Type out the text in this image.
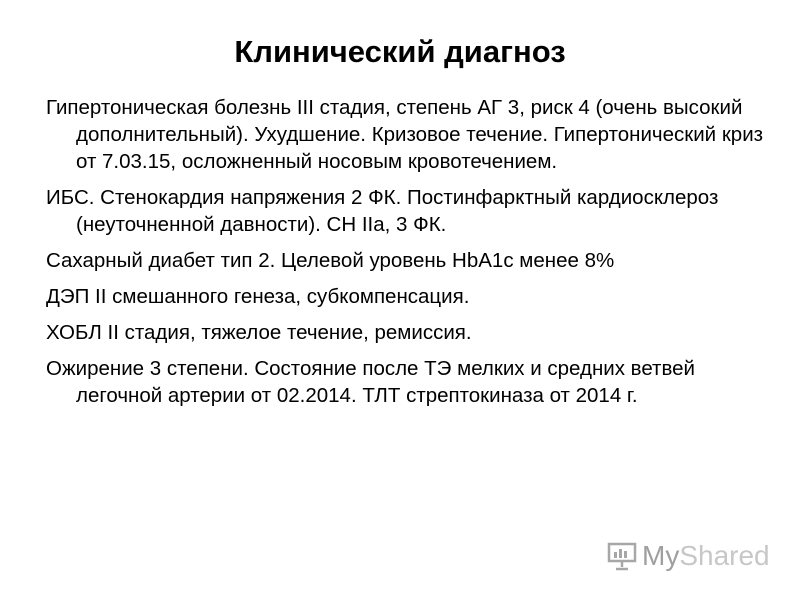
Клинический диагноз

Гипертоническая болезнь III стадия, степень АГ 3, риск 4 (очень высокий дополнительный). Ухудшение. Кризовое течение. Гипертонический криз от 7.03.15, осложненный носовым кровотечением.

ИБС. Стенокардия напряжения 2 ФК. Постинфарктный кардиосклероз (неуточненной давности). СН IIа, 3 ФК.

Сахарный диабет тип 2. Целевой уровень HbA1c менее 8%

ДЭП II смешанного генеза, субкомпенсация.

ХОБЛ II стадия, тяжелое течение, ремиссия.

Ожирение 3 степени. Состояние после ТЭ мелких и средних ветвей легочной артерии от 02.2014. ТЛТ стрептокиназа от 2014 г.

MyShared
